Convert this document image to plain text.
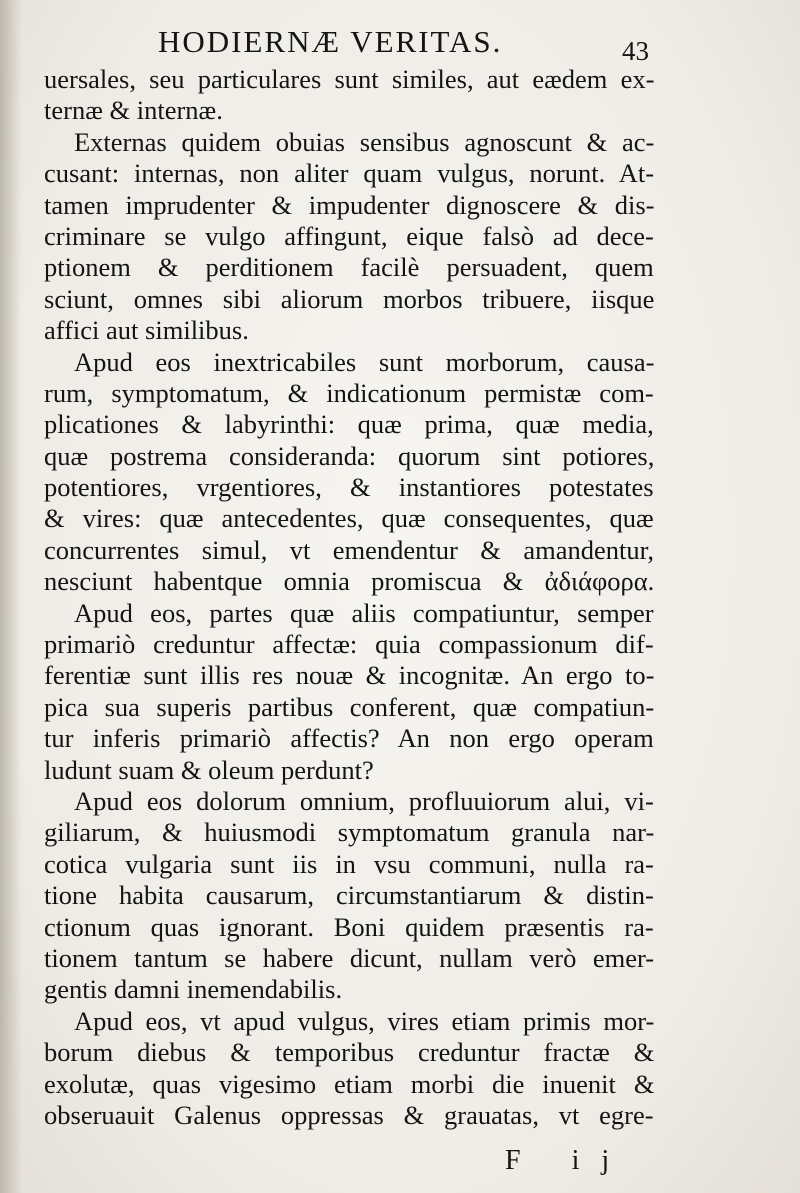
HODIERNÆ VERITAS.	43
uersales, seu particulares sunt similes, aut eædem ex-
ternæ & internæ.
Externas quidem obuias sensibus agnoscunt & ac-
cusant: internas, non aliter quam vulgus, norunt. At-
tamen imprudenter & impudenter dignoscere & dis-
criminare se vulgo affingunt, eique falsò ad dece-
ptionem & perditionem facilè persuadent, quem
sciunt, omnes sibi aliorum morbos tribuere, iisque
affici aut similibus.
Apud eos inextricabiles sunt morborum, causa-
rum, symptomatum, & indicationum permistæ com-
plicationes & labyrinthi: quæ prima, quæ media,
quæ postrema consideranda: quorum sint potiores,
potentiores, vrgentiores, & instantiores potestates
& vires: quæ antecedentes, quæ consequentes, quæ
concurrentes simul, vt emendentur & amandentur,
nesciunt habentque omnia promiscua & ἀδιάφορα.
Apud eos, partes quæ aliis compatiuntur, semper
primariò creduntur affectæ: quia compassionum dif-
ferentiæ sunt illis res nouæ & incognitæ. An ergo to-
pica sua superis partibus conferent, quæ compatiun-
tur inferis primariò affectis? An non ergo operam
ludunt suam & oleum perdunt?
Apud eos dolorum omnium, profluuiorum alui, vi-
giliarum, & huiusmodi symptomatum granula nar-
cotica vulgaria sunt iis in vsu communi, nulla ra-
tione habita causarum, circumstantiarum & distin-
ctionum quas ignorant. Boni quidem præsentis ra-
tionem tantum se habere dicunt, nullam verò emer-
gentis damni inemendabilis.
Apud eos, vt apud vulgus, vires etiam primis mor-
borum diebus & temporibus creduntur fractæ &
exolutæ, quas vigesimo etiam morbi die inuenit &
obseruauit Galenus oppressas & grauatas, vt egre-
F ij
